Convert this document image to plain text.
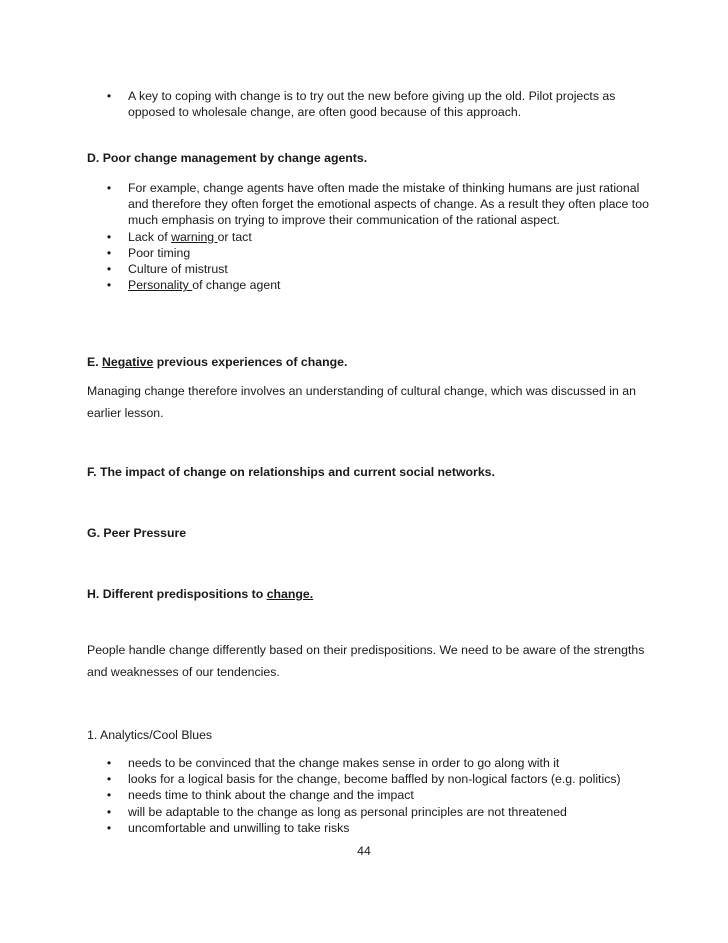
• A key to coping with change is to try out the new before giving up the old. Pilot projects as opposed to wholesale change, are often good because of this approach.
D. Poor change management by change agents.
• For example, change agents have often made the mistake of thinking humans are just rational and therefore they often forget the emotional aspects of change. As a result they often place too much emphasis on trying to improve their communication of the rational aspect.
• Lack of warning or tact
• Poor timing
• Culture of mistrust
• Personality of change agent
E. Negative previous experiences of change.
Managing change therefore involves an understanding of cultural change, which was discussed in an earlier lesson.
F. The impact of change on relationships and current social networks.
G. Peer Pressure
H. Different predispositions to change.
People handle change differently based on their predispositions. We need to be aware of the strengths and weaknesses of our tendencies.
1. Analytics/Cool Blues
• needs to be convinced that the change makes sense in order to go along with it
• looks for a logical basis for the change, become baffled by non-logical factors (e.g. politics)
• needs time to think about the change and the impact
• will be adaptable to the change as long as personal principles are not threatened
• uncomfortable and unwilling to take risks
44
